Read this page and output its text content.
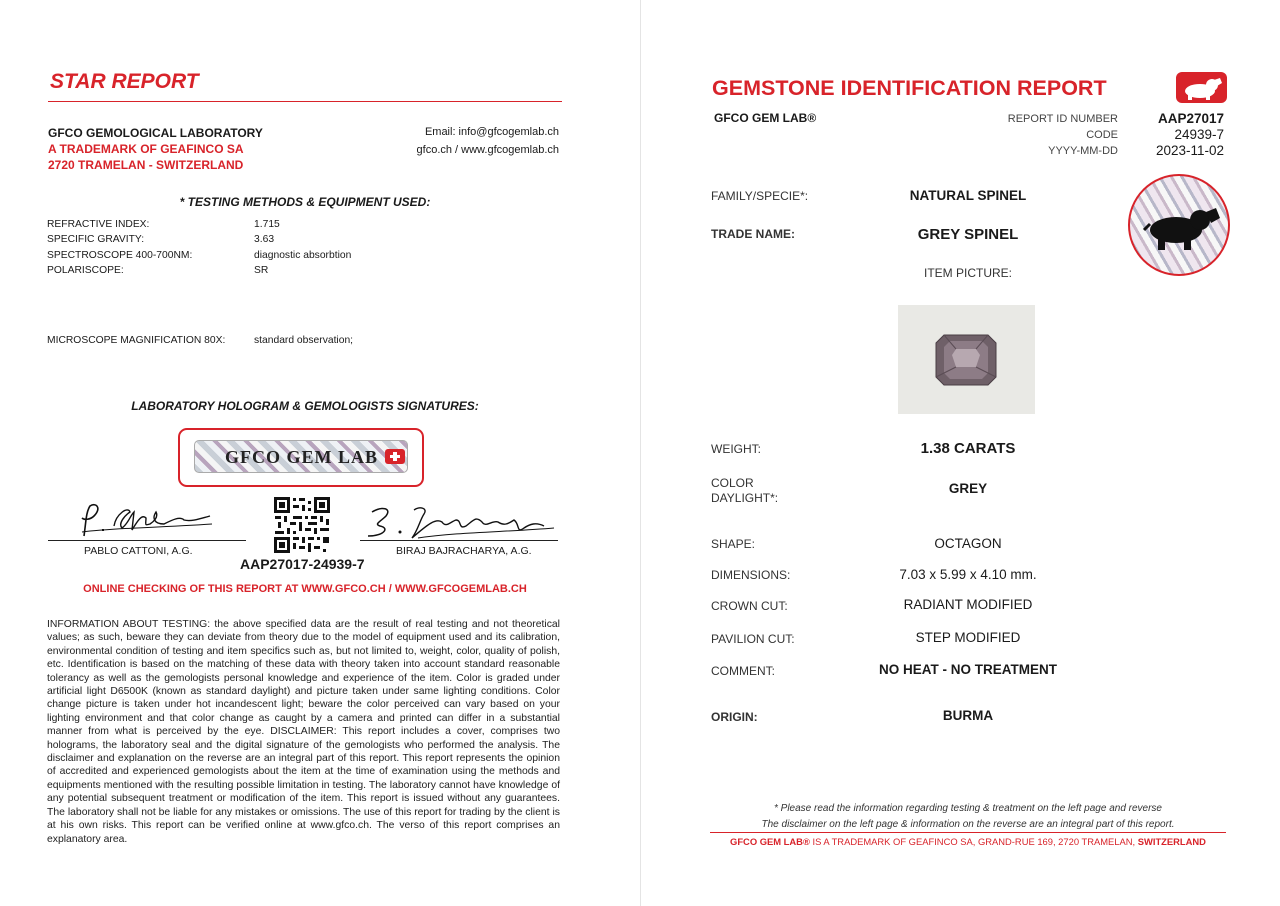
STAR REPORT
GFCO GEMOLOGICAL LABORATORY
A TRADEMARK OF GEAFINCO SA
2720 TRAMELAN - SWITZERLAND
Email: info@gfcogemlab.ch
gfco.ch / www.gfcogemlab.ch
* TESTING METHODS & EQUIPMENT USED:
REFRACTIVE INDEX:	1.715
SPECIFIC GRAVITY:	3.63
SPECTROSCOPE 400-700NM:	diagnostic absorbtion
POLARISCOPE:	SR
MICROSCOPE MAGNIFICATION 80X:	standard observation;
LABORATORY HOLOGRAM & GEMOLOGISTS SIGNATURES:
GFCO GEM LAB
PABLO CATTONI, A.G.	BIRAJ BAJRACHARYA, A.G.
AAP27017-24939-7
ONLINE CHECKING OF THIS REPORT AT WWW.GFCO.CH / WWW.GFCOGEMLAB.CH
INFORMATION ABOUT TESTING: the above specified data are the result of real testing and not theoretical values; as such, beware they can deviate from theory due to the model of equipment used and its calibration, environmental condition of testing and item specifics such as, but not limited to, weight, color, quality of polish, etc. Identification is based on the matching of these data with theory taken into account standard reasonable tolerancy as well as the gemologists personal knowledge and experience of the item. Color is graded under artificial light D6500K (known as standard daylight) and picture taken under same lighting conditions. Color change picture is taken under hot incandescent light; beware the color perceived can vary based on your lighting environment and that color change as caught by a camera and printed can differ in a substantial manner from what is perceived by the eye. DISCLAIMER: This report includes a cover, comprises two holograms, the laboratory seal and the digital signature of the gemologists who performed the analysis. The disclaimer and explanation on the reverse are an integral part of this report. This report represents the opinion of accredited and experienced gemologists about the item at the time of examination using the methods and equipments mentioned with the resulting possible limitation in testing. The laboratory cannot have knowledge of any potential subsequent treatment or modification of the item. This report is issued without any guarantees. The laboratory shall not be liable for any mistakes or omissions. The use of this report for trading by the client is at his own risks. This report can be verified online at www.gfco.ch. The verso of this report comprises an explanatory area.
GEMSTONE IDENTIFICATION REPORT
GFCO GEM LAB®	REPORT ID NUMBER	AAP27017
CODE	24939-7
YYYY-MM-DD	2023-11-02
FAMILY/SPECIE*:	NATURAL SPINEL
TRADE NAME:	GREY SPINEL
ITEM PICTURE:
WEIGHT:	1.38 CARATS
COLOR
DAYLIGHT*:
GREY
SHAPE:	OCTAGON
DIMENSIONS:	7.03 x 5.99 x 4.10 mm.
CROWN CUT:	RADIANT MODIFIED
PAVILION CUT:	STEP MODIFIED
COMMENT:	NO HEAT - NO TREATMENT
ORIGIN:	BURMA
* Please read the information regarding testing & treatment on the left page and reverse
The disclaimer on the left page & information on the reverse are an integral part of this report.
GFCO GEM LAB® IS A TRADEMARK OF GEAFINCO SA, GRAND-RUE 169, 2720 TRAMELAN, SWITZERLAND
